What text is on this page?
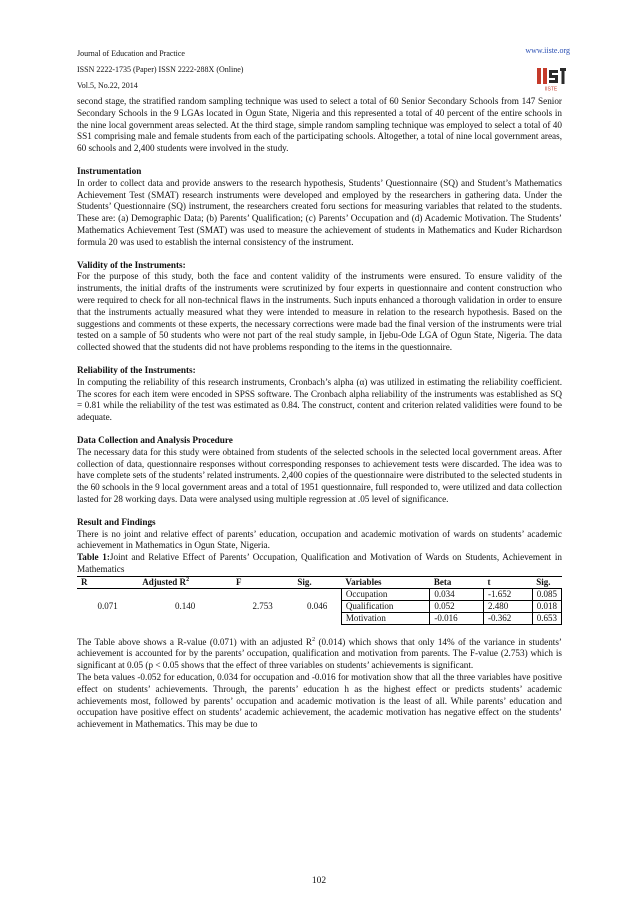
Journal of Education and Practice
ISSN 2222-1735 (Paper) ISSN 2222-288X (Online)
Vol.5, No.22, 2014
www.iiste.org
IISTE

second stage, the stratified random sampling technique was used to select a total of 60 Senior Secondary Schools from 147 Senior Secondary Schools in the 9 LGAs located in Ogun State, Nigeria and this represented a total of 40 percent of the entire schools in the nine local government areas selected. At the third stage, simple random sampling technique was employed to select a total of 40 SS1 comprising male and female students from each of the participating schools. Altogether, a total of nine local government areas, 60 schools and 2,400 students were involved in the study.

Instrumentation

In order to collect data and provide answers to the research hypothesis, Students’ Questionnaire (SQ) and Student’s Mathematics Achievement Test (SMAT) research instruments were developed and employed by the researchers in gathering data. Under the Students’ Questionnaire (SQ) instrument, the researchers created foru sections for measuring variables that related to the students. These are: (a) Demographic Data; (b) Parents’ Qualification; (c) Parents’ Occupation and (d) Academic Motivation. The Students’ Mathematics Achievement Test (SMAT) was used to measure the achievement of students in Mathematics and Kuder Richardson formula 20 was used to establish the internal consistency of the instrument.

Validity of the Instruments:

For the purpose of this study, both the face and content validity of the instruments were ensured. To ensure validity of the instruments, the initial drafts of the instruments were scrutinized by four experts in questionnaire and content construction who were required to check for all non-technical flaws in the instruments. Such inputs enhanced a thorough validation in order to ensure that the instruments actually measured what they were intended to measure in relation to the research hypothesis. Based on the suggestions and comments ot these experts, the necessary corrections were made bad the final version of the instruments were trial tested on a sample of 50 students who were not part of the real study sample, in Ijebu-Ode LGA of Ogun State, Nigeria. The data collected showed that the students did not have problems responding to the items in the questionnaire.

Reliability of the Instruments:

In computing the reliability of this research instruments, Cronbach’s alpha (α) was utilized in estimating the reliability coefficient. The scores for each item were encoded in SPSS software. The Cronbach alpha reliability of the instruments was established as SQ = 0.81 while the reliability of the test was estimated as 0.84. The construct, content and criterion related validities were found to be adequate.

Data Collection and Analysis Procedure

The necessary data for this study were obtained from students of the selected schools in the selected local government areas. After collection of data, questionnaire responses without corresponding responses to achievement tests were discarded. The idea was to have complete sets of the students’ related instruments. 2,400 copies of the questionnaire were distributed to the selected students in the 60 schools in the 9 local government areas and a total of 1951 questionnaire, full responded to, were utilized and data collection lasted for 28 working days. Data were analysed using multiple regression at .05 level of significance.

Result and Findings

There is no joint and relative effect of parents’ education, occupation and academic motivation of wards on students’ academic achievement in Mathematics in Ogun State, Nigeria.

Table 1:Joint and Relative Effect of Parents’ Occupation, Qualification and Motivation of Wards on Students, Achievement in Mathematics

R	Adjusted $R^2$	F	Sig.	Variables	Beta	t	Sig.
0.071	0.140	2.753	0.046	Occupation	0.034	-1.652	0.085
				Qualification	0.052	2.480	0.018
				Motivation	-0.016	-0.362	0.653

The Table above shows a R-value (0.071) with an adjusted $R^2$ (0.014) which shows that only 14% of the variance in students’ achievement is accounted for by the parents’ occupation, qualification and motivation from parents. The F-value (2.753) which is significant at 0.05 (p < 0.05 shows that the effect of three variables on students’ achievements is significant.

The beta values -0.052 for education, 0.034 for occupation and -0.016 for motivation show that all the three variables have positive effect on students’ achievements. Through, the parents’ education h as the highest effect or predicts students’ academic achievements most, followed by parents’ occupation and academic motivation is the least of all. While parents’ education and occupation have positive effect on students’ academic achievement, the academic motivation has negative effect on the students’ achievement in Mathematics. This may be due to

102
